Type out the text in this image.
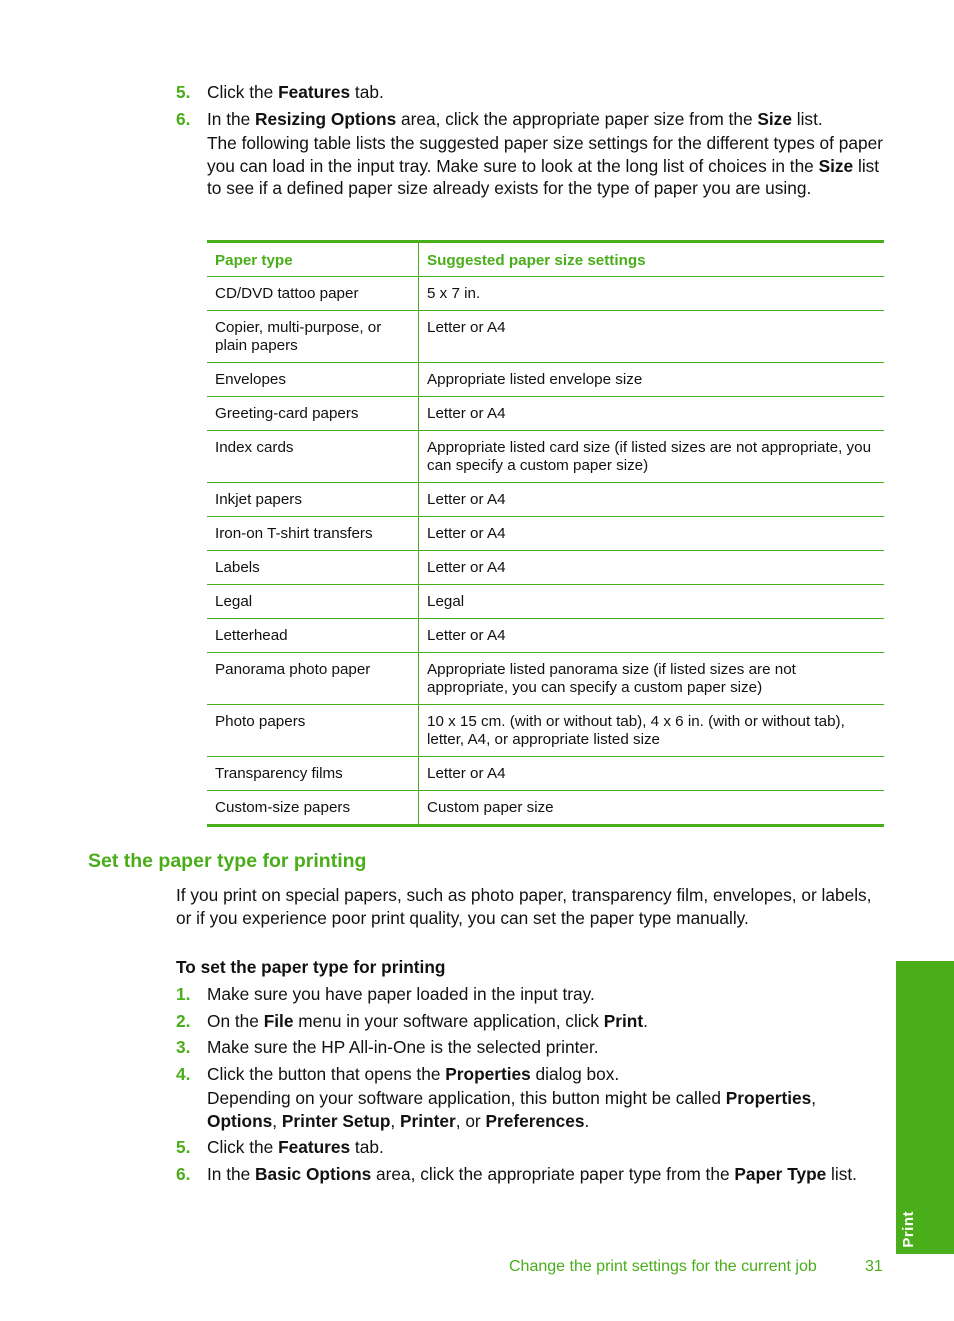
5. Click the Features tab.
6. In the Resizing Options area, click the appropriate paper size from the Size list.
The following table lists the suggested paper size settings for the different types of paper you can load in the input tray. Make sure to look at the long list of choices in the Size list to see if a defined paper size already exists for the type of paper you are using.
Paper type	Suggested paper size settings
CD/DVD tattoo paper	5 x 7 in.
Copier, multi-purpose, or plain papers	Letter or A4
Envelopes	Appropriate listed envelope size
Greeting-card papers	Letter or A4
Index cards	Appropriate listed card size (if listed sizes are not appropriate, you can specify a custom paper size)
Inkjet papers	Letter or A4
Iron-on T-shirt transfers	Letter or A4
Labels	Letter or A4
Legal	Legal
Letterhead	Letter or A4
Panorama photo paper	Appropriate listed panorama size (if listed sizes are not appropriate, you can specify a custom paper size)
Photo papers	10 x 15 cm. (with or without tab), 4 x 6 in. (with or without tab), letter, A4, or appropriate listed size
Transparency films	Letter or A4
Custom-size papers	Custom paper size
Set the paper type for printing

If you print on special papers, such as photo paper, transparency film, envelopes, or labels, or if you experience poor print quality, you can set the paper type manually.

To set the paper type for printing

1. Make sure you have paper loaded in the input tray.
2. On the File menu in your software application, click Print.
3. Make sure the HP All-in-One is the selected printer.
4. Click the button that opens the Properties dialog box.
Depending on your software application, this button might be called Properties, Options, Printer Setup, Printer, or Preferences.
5. Click the Features tab.
6. In the Basic Options area, click the appropriate paper type from the Paper Type list.
Print
Change the print settings for the current job	31
